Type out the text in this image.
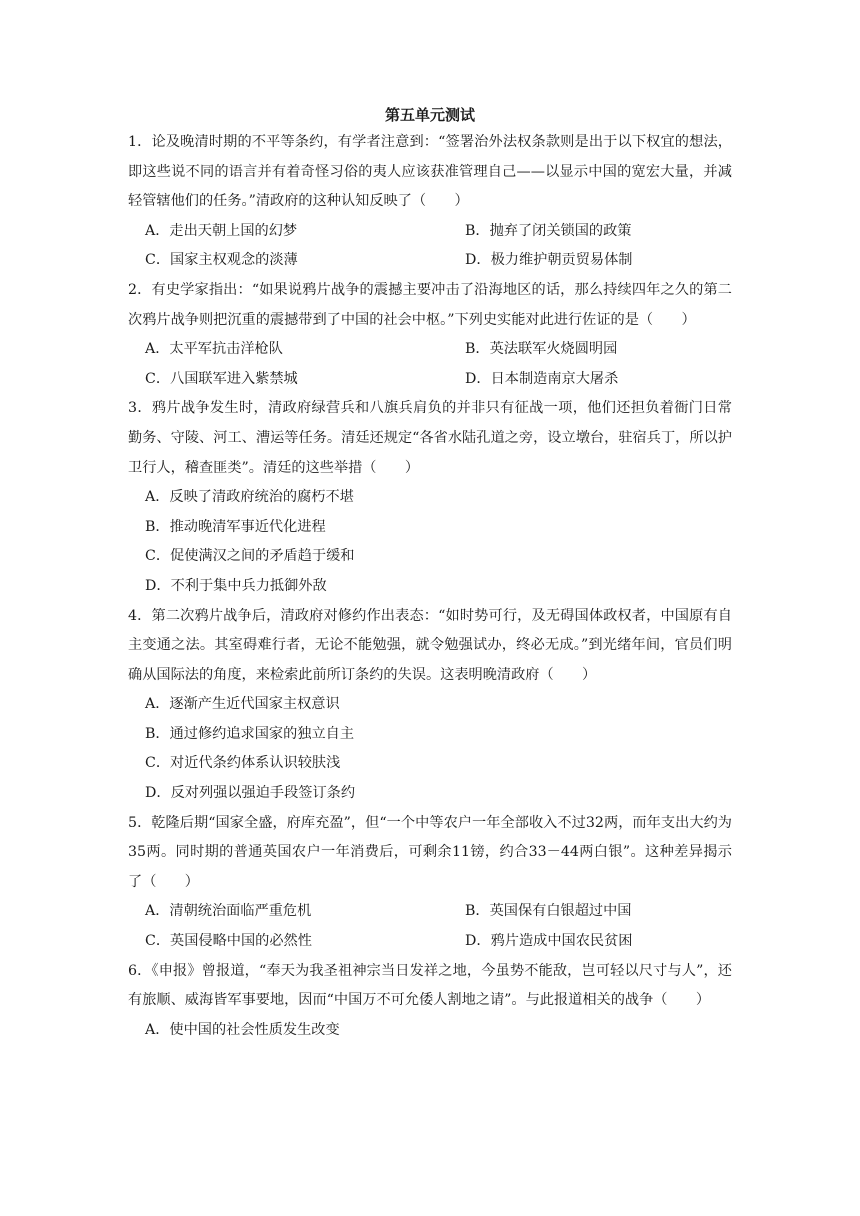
第五单元测试

1．论及晚清时期的不平等条约，有学者注意到：“签署治外法权条款则是出于以下权宜的想法，即这些说不同的语言并有着奇怪习俗的夷人应该获准管理自己——以显示中国的宽宏大量，并减轻管辖他们的任务。”清政府的这种认知反映了（　　）

A．走出天朝上国的幻梦	B．抛弃了闭关锁国的政策
C．国家主权观念的淡薄	D．极力维护朝贡贸易体制

2．有史学家指出：“如果说鸦片战争的震撼主要冲击了沿海地区的话，那么持续四年之久的第二次鸦片战争则把沉重的震撼带到了中国的社会中枢。”下列史实能对此进行佐证的是（　　）

A．太平军抗击洋枪队	B．英法联军火烧圆明园
C．八国联军进入紫禁城	D．日本制造南京大屠杀

3．鸦片战争发生时，清政府绿营兵和八旗兵肩负的并非只有征战一项，他们还担负着衙门日常勤务、守陵、河工、漕运等任务。清廷还规定“各省水陆孔道之旁，设立墩台，驻宿兵丁，所以护卫行人，稽查匪类”。清廷的这些举措（　　）

A．反映了清政府统治的腐朽不堪
B．推动晚清军事近代化进程
C．促使满汉之间的矛盾趋于缓和
D．不利于集中兵力抵御外敌

4．第二次鸦片战争后，清政府对修约作出表态：“如时势可行，及无碍国体政权者，中国原有自主变通之法。其室碍难行者，无论不能勉强，就令勉强试办，终必无成。”到光绪年间，官员们明确从国际法的角度，来检索此前所订条约的失误。这表明晚清政府（　　）

A．逐渐产生近代国家主权意识
B．通过修约追求国家的独立自主
C．对近代条约体系认识较肤浅
D．反对列强以强迫手段签订条约

5．乾隆后期“国家全盛，府库充盈”，但“一个中等农户一年全部收入不过32两，而年支出大约为35两。同时期的普通英国农户一年消费后，可剩余11镑，约合33－44两白银”。这种差异揭示了（　　）

A．清朝统治面临严重危机	B．英国保有白银超过中国
C．英国侵略中国的必然性	D．鸦片造成中国农民贫困

6．《申报》曾报道，“奉天为我圣祖神宗当日发祥之地，今虽势不能敌，岂可轻以尺寸与人”，还有旅顺、威海皆军事要地，因而“中国万不可允倭人割地之请”。与此报道相关的战争（　　）

A．使中国的社会性质发生改变
